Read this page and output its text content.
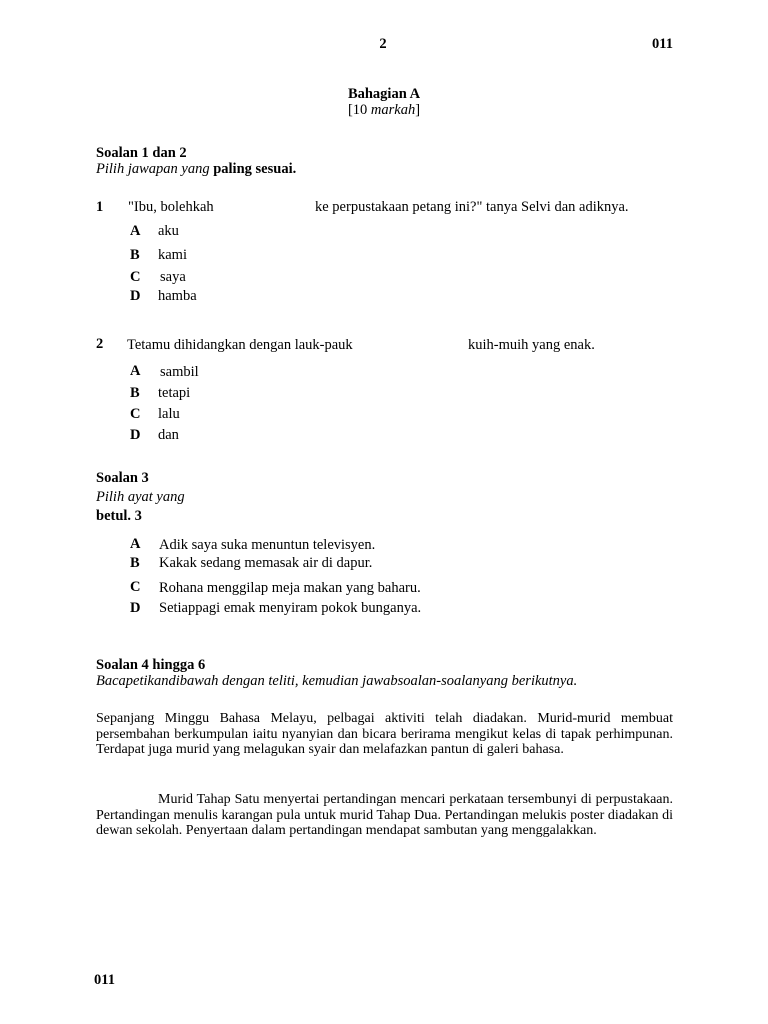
2	011
Bahagian A
[10 markah]
Soalan 1 dan 2
Pilih jawapan yang paling sesuai.
1 "Ibu, bolehkah	ke perpustakaan petang ini?" tanya Selvi dan adiknya.
A aku
B kami
C saya
D hamba
2 Tetamu dihidangkan dengan lauk-pauk	kuih-muih yang enak.
A sambil
B tetapi
C lalu
D dan
Soalan 3
Pilih ayat yang
betul. 3
A Adik saya suka menuntun televisyen.
B Kakak sedang memasak air di dapur.
C Rohana menggilap meja makan yang baharu.
D Setiappagi emak menyiram pokok bunganya.
Soalan 4 hingga 6
Bacapetikandibawah dengan teliti, kemudian jawabsoalan-soalanyang berikutnya.
Sepanjang Minggu Bahasa Melayu, pelbagai aktiviti telah diadakan. Murid-murid membuat persembahan berkumpulan iaitu nyanyian dan bicara berirama mengikut kelas di tapak perhimpunan. Terdapat juga murid yang melagukan syair dan melafazkan pantun di galeri bahasa.
Murid Tahap Satu menyertai pertandingan mencari perkataan tersembunyi di perpustakaan. Pertandingan menulis karangan pula untuk murid Tahap Dua. Pertandingan melukis poster diadakan di dewan sekolah. Penyertaan dalam pertandingan mendapat sambutan yang menggalakkan.
011
